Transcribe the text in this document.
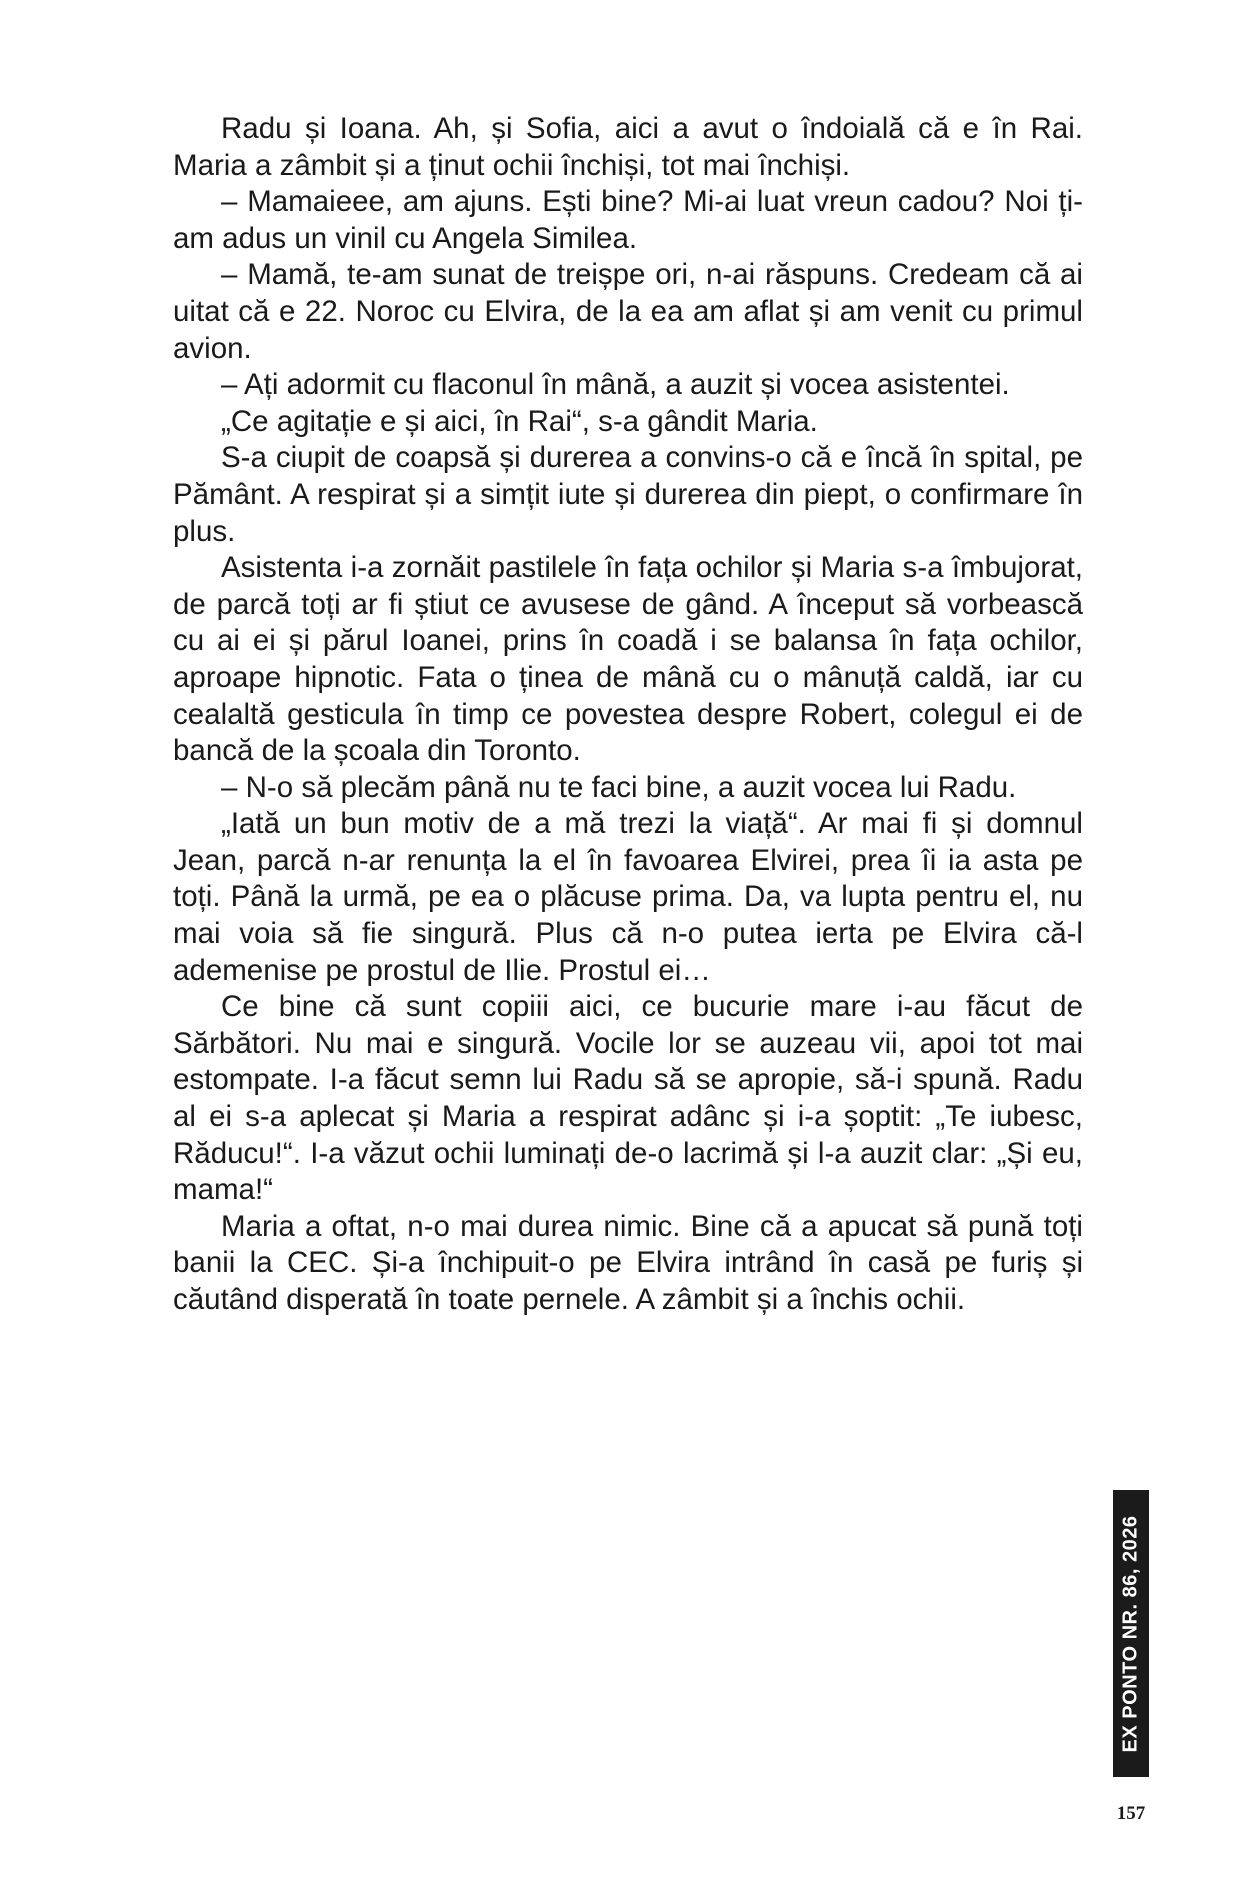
Radu și Ioana. Ah, și Sofia, aici a avut o îndoială că e în Rai. Maria a zâmbit și a ținut ochii închiși, tot mai închiși.

– Mamaieee, am ajuns. Ești bine? Mi-ai luat vreun cadou? Noi ți-am adus un vinil cu Angela Similea.

– Mamă, te-am sunat de treișpe ori, n-ai răspuns. Credeam că ai uitat că e 22. Noroc cu Elvira, de la ea am aflat și am venit cu primul avion.

– Ați adormit cu flaconul în mână, a auzit și vocea asistentei.

„Ce agitație e și aici, în Rai“, s-a gândit Maria.

S-a ciupit de coapsă și durerea a convins-o că e încă în spital, pe Pământ. A respirat și a simțit iute și durerea din piept, o confirmare în plus.

Asistenta i-a zornăit pastilele în fața ochilor și Maria s-a îmbujorat, de parcă toți ar fi știut ce avusese de gând. A început să vorbească cu ai ei și părul Ioanei, prins în coadă i se balansa în fața ochilor, aproape hipnotic. Fata o ținea de mână cu o mânuță caldă, iar cu cealaltă gesticula în timp ce povestea despre Robert, colegul ei de bancă de la școala din Toronto.

– N-o să plecăm până nu te faci bine, a auzit vocea lui Radu.

„Iată un bun motiv de a mă trezi la viață“. Ar mai fi și domnul Jean, parcă n-ar renunța la el în favoarea Elvirei, prea îi ia asta pe toți. Până la urmă, pe ea o plăcuse prima. Da, va lupta pentru el, nu mai voia să fie singură. Plus că n-o putea ierta pe Elvira că-l ademenise pe prostul de Ilie. Prostul ei…

Ce bine că sunt copiii aici, ce bucurie mare i-au făcut de Sărbători. Nu mai e singură. Vocile lor se auzeau vii, apoi tot mai estompate. I-a făcut semn lui Radu să se apropie, să-i spună. Radu al ei s-a aplecat și Maria a respirat adânc și i-a șoptit: „Te iubesc, Răducu!“. I-a văzut ochii luminați de-o lacrimă și l-a auzit clar: „Și eu, mama!“

Maria a oftat, n-o mai durea nimic. Bine că a apucat să pună toți banii la CEC. Și-a închipuit-o pe Elvira intrând în casă pe furiș și căutând disperată în toate pernele. A zâmbit și a închis ochii.

EX PONTO NR. 86, 2026
157
